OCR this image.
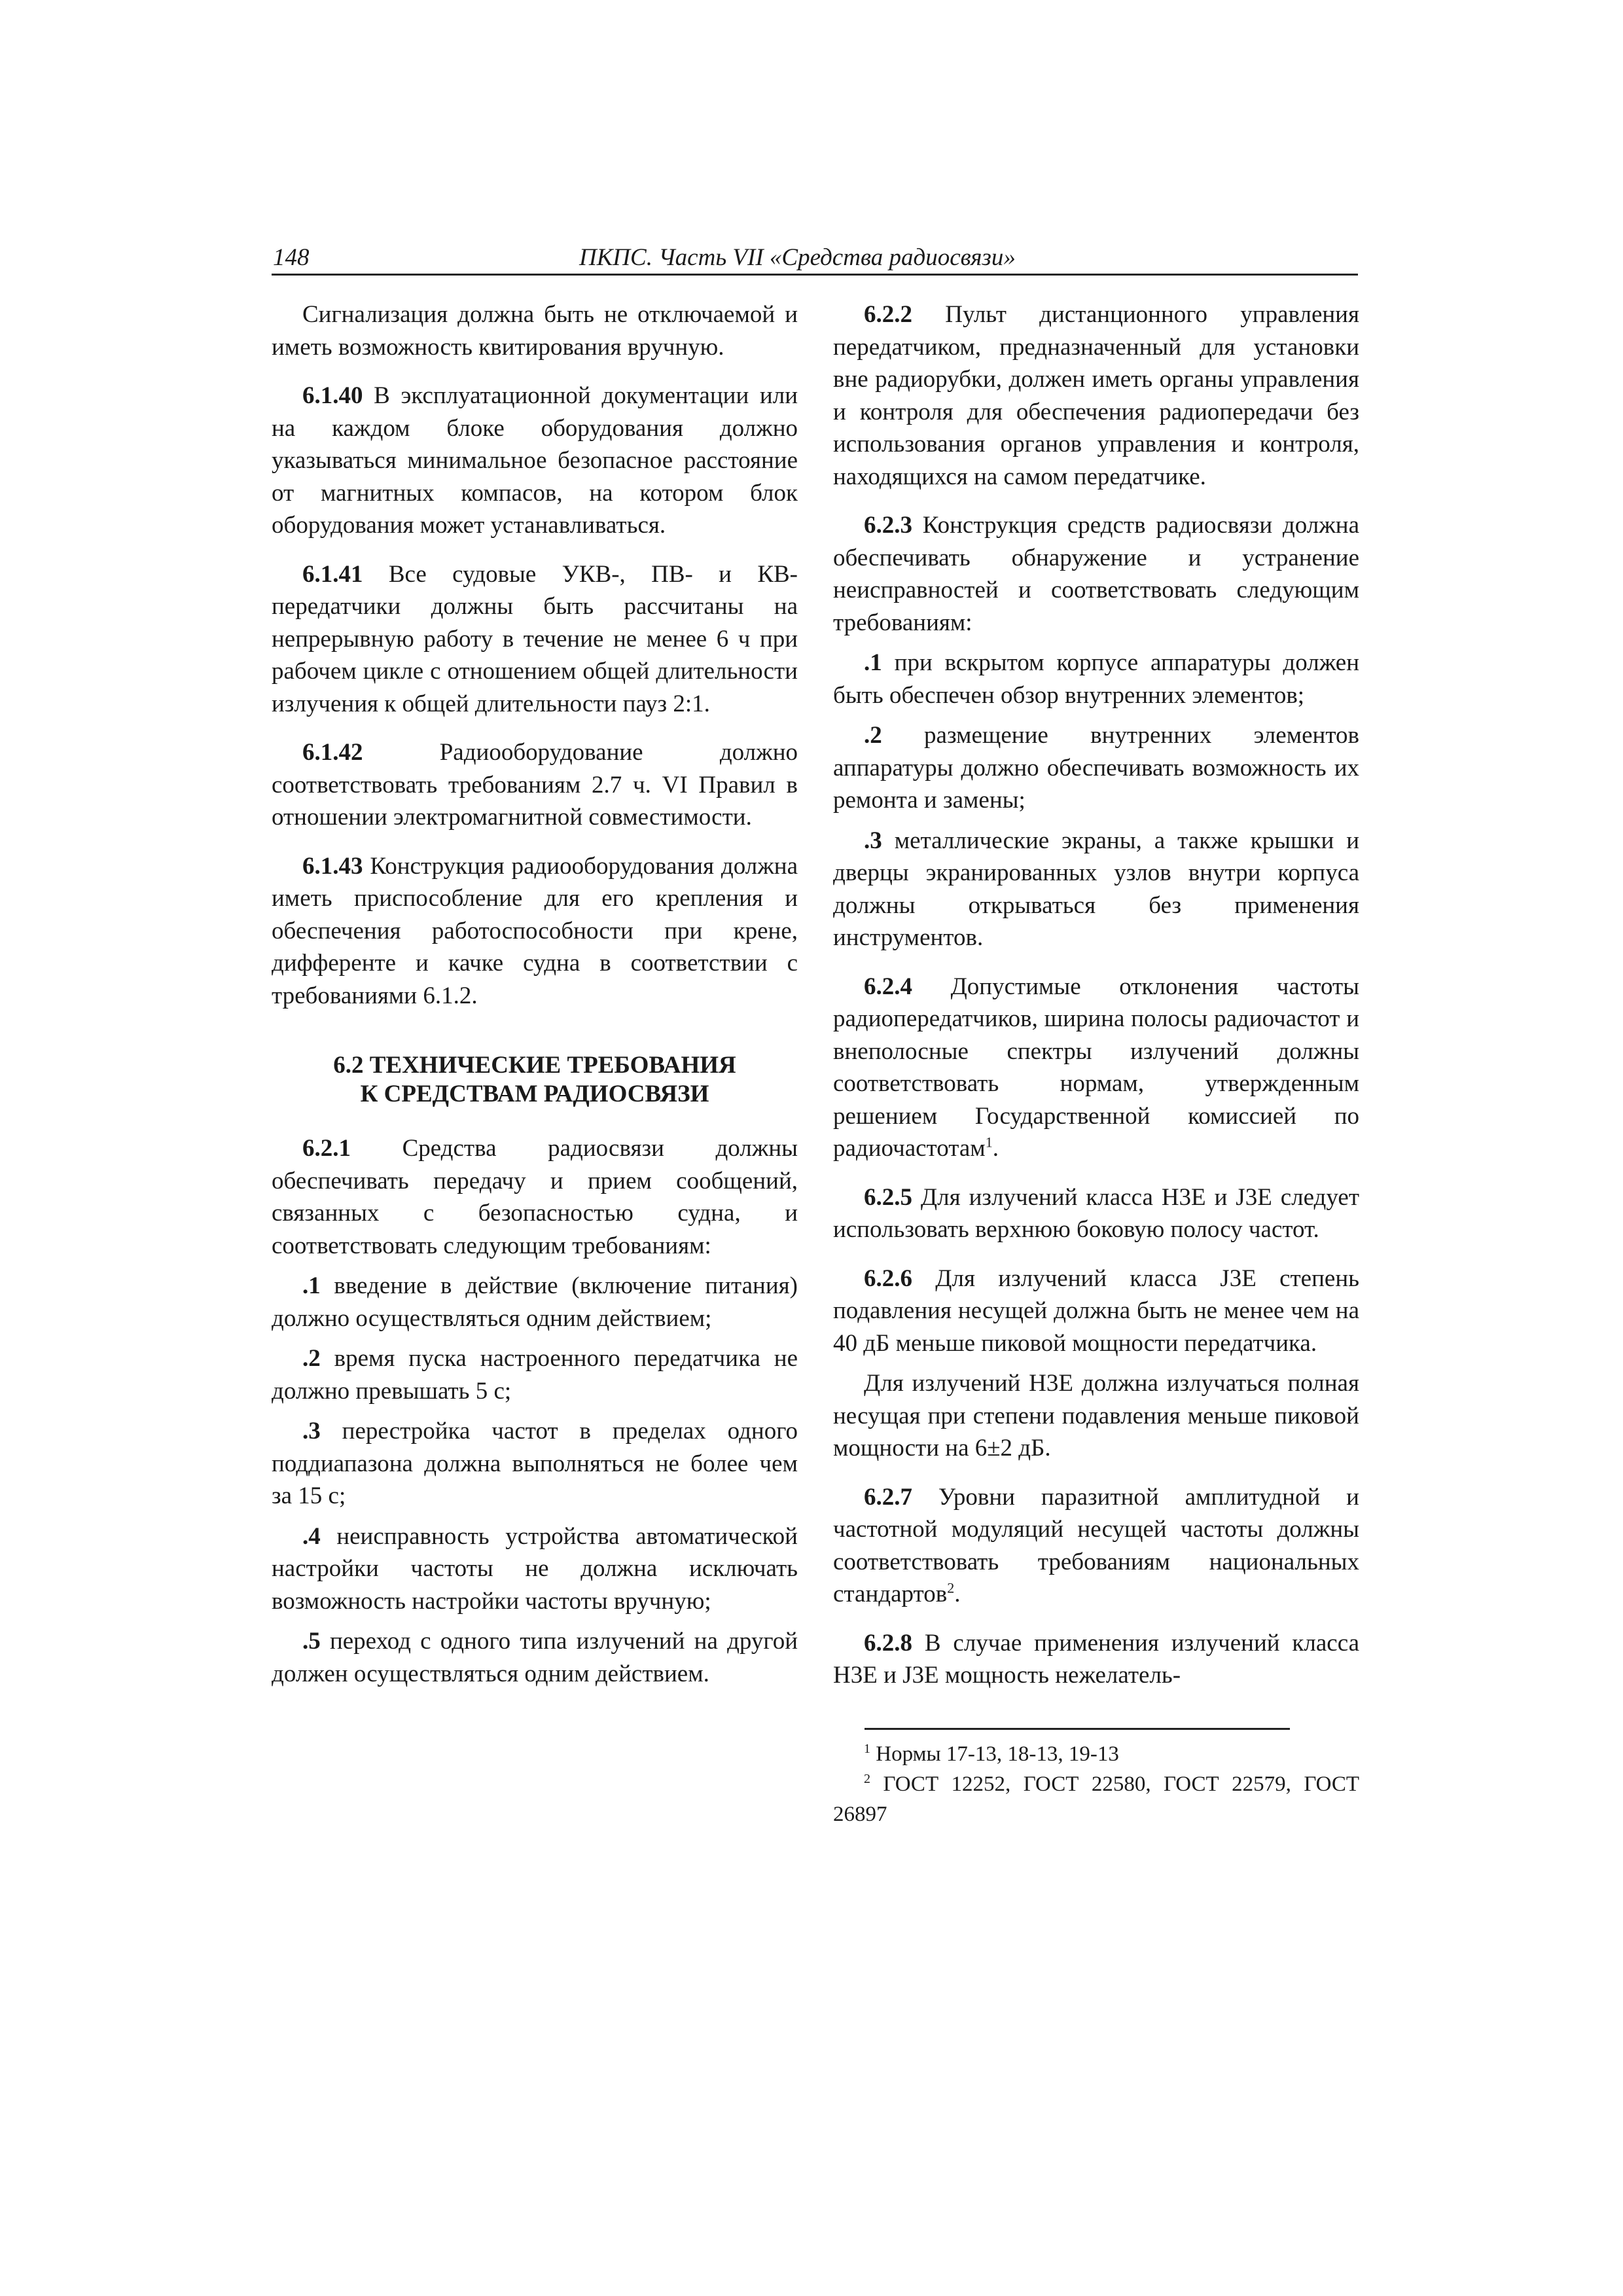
148	ПКПС. Часть VII «Средства радиосвязи»

Сигнализация должна быть не отключаемой и иметь возможность квитирования вручную.

6.1.40 В эксплуатационной документации или на каждом блоке оборудования должно указываться минимальное безопасное расстояние от магнитных компасов, на котором блок оборудования может устанавливаться.

6.1.41 Все судовые УКВ-, ПВ- и КВ-передатчики должны быть рассчитаны на непрерывную работу в течение не менее 6 ч при рабочем цикле с отношением общей длительности излучения к общей длительности пауз 2:1.

6.1.42 Радиооборудование должно соответствовать требованиям 2.7 ч. VI Правил в отношении электромагнитной совместимости.

6.1.43 Конструкция радиооборудования должна иметь приспособление для его крепления и обеспечения работоспособности при крене, дифференте и качке судна в соответствии с требованиями 6.1.2.

6.2 ТЕХНИЧЕСКИЕ ТРЕБОВАНИЯ
К СРЕДСТВАМ РАДИОСВЯЗИ

6.2.1 Средства радиосвязи должны обеспечивать передачу и прием сообщений, связанных с безопасностью судна, и соответствовать следующим требованиям:

.1 введение в действие (включение питания) должно осуществляться одним действием;

.2 время пуска настроенного передатчика не должно превышать 5 с;

.3 перестройка частот в пределах одного поддиапазона должна выполняться не более чем за 15 с;

.4 неисправность устройства автоматической настройки частоты не должна исключать возможность настройки частоты вручную;

.5 переход с одного типа излучений на другой должен осуществляться одним действием.

6.2.2 Пульт дистанционного управления передатчиком, предназначенный для установки вне радиорубки, должен иметь органы управления и контроля для обеспечения радиопередачи без использования органов управления и контроля, находящихся на самом передатчике.

6.2.3 Конструкция средств радиосвязи должна обеспечивать обнаружение и устранение неисправностей и соответствовать следующим требованиям:

.1 при вскрытом корпусе аппаратуры должен быть обеспечен обзор внутренних элементов;

.2 размещение внутренних элементов аппаратуры должно обеспечивать возможность их ремонта и замены;

.3 металлические экраны, а также крышки и дверцы экранированных узлов внутри корпуса должны открываться без применения инструментов.

6.2.4 Допустимые отклонения частоты радиопередатчиков, ширина полосы радиочастот и внеполосные спектры излучений должны соответствовать нормам, утвержденным решением Государственной комиссией по радиочастотам$^1$.

6.2.5 Для излучений класса Н3Е и J3E следует использовать верхнюю боковую полосу частот.

6.2.6 Для излучений класса J3E степень подавления несущей должна быть не менее чем на 40 дБ меньше пиковой мощности передатчика.

Для излучений Н3Е должна излучаться полная несущая при степени подавления меньше пиковой мощности на 6±2 дБ.

6.2.7 Уровни паразитной амплитудной и частотной модуляций несущей частоты должны соответствовать требованиям национальных стандартов$^2$.

6.2.8 В случае применения излучений класса Н3Е и J3E мощность нежелатель-

$^1$ Нормы 17-13, 18-13, 19-13

$^2$ ГОСТ 12252, ГОСТ 22580, ГОСТ 22579, ГОСТ 26897
